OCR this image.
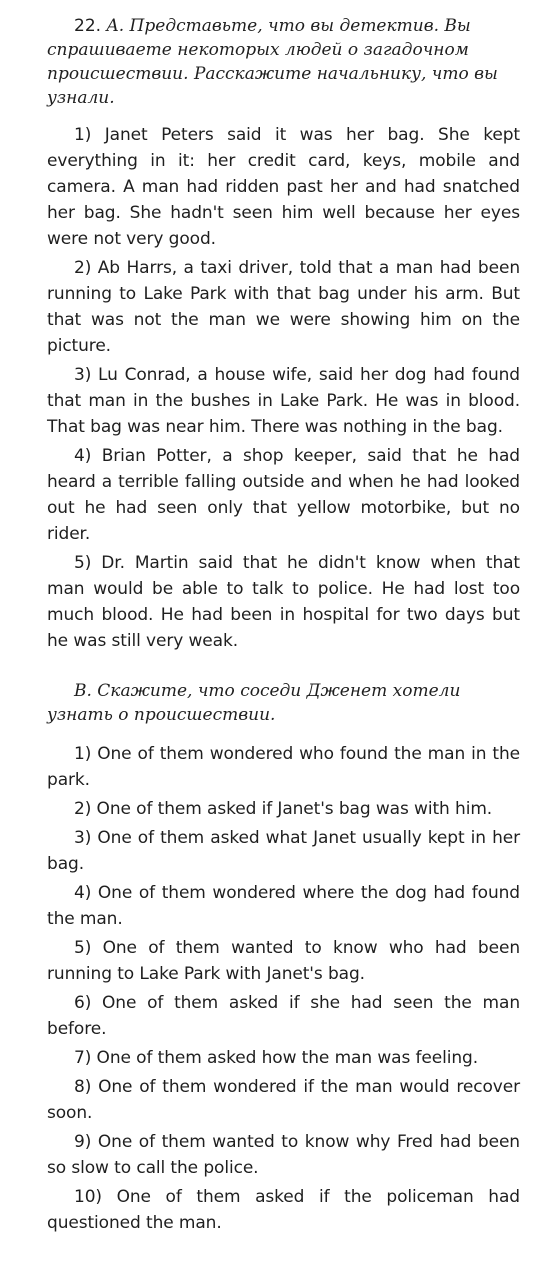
22. A. Представьте, что вы детектив. Вы спрашиваете некоторых людей о загадочном происшествии. Расскажите начальнику, что вы узнали.

1) Janet Peters said it was her bag. She kept everything in it: her credit card, keys, mobile and camera. A man had ridden past her and had snatched her bag. She hadn't seen him well because her eyes were not very good.

2) Ab Harrs, a taxi driver, told that a man had been running to Lake Park with that bag under his arm. But that was not the man we were showing him on the picture.

3) Lu Conrad, a house wife, said her dog had found that man in the bushes in Lake Park. He was in blood. That bag was near him. There was nothing in the bag.

4) Brian Potter, a shop keeper, said that he had heard a terrible falling outside and when he had looked out he had seen only that yellow motorbike, but no rider.

5) Dr. Martin said that he didn't know when that man would be able to talk to police. He had lost too much blood. He had been in hospital for two days but he was still very weak.

B. Скажите, что соседи Дженет хотели узнать о происшествии.

1) One of them wondered who found the man in the park.

2) One of them asked if Janet's bag was with him.

3) One of them asked what Janet usually kept in her bag.

4) One of them wondered where the dog had found the man.

5) One of them wanted to know who had been running to Lake Park with Janet's bag.

6) One of them asked if she had seen the man before.

7) One of them asked how the man was feeling.

8) One of them wondered if the man would recover soon.

9) One of them wanted to know why Fred had been so slow to call the police.

10) One of them asked if the policeman had questioned the man.
